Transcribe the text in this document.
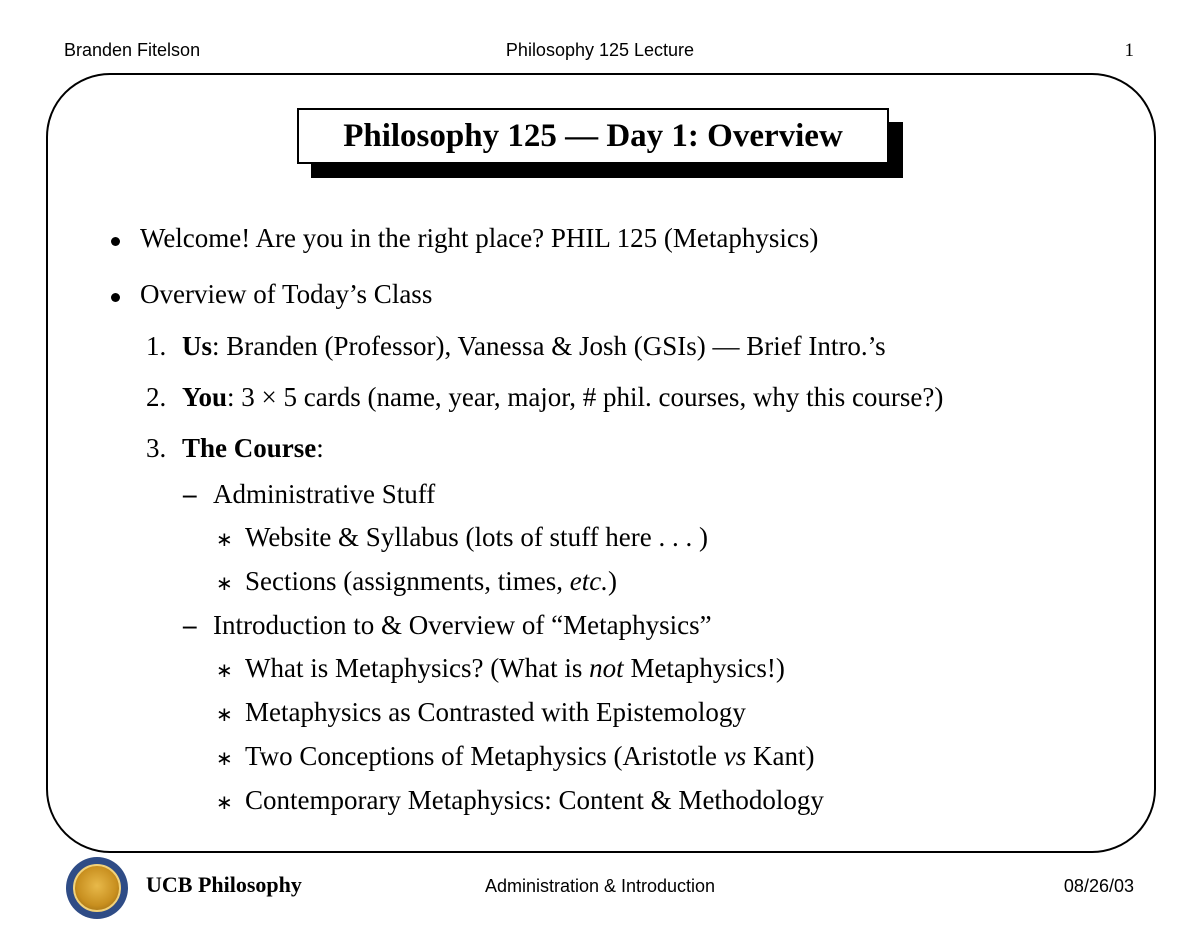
Branden Fitelson	Philosophy 125 Lecture	1
Philosophy 125 — Day 1: Overview
Welcome! Are you in the right place? PHIL 125 (Metaphysics)
Overview of Today’s Class
1. Us: Branden (Professor), Vanessa & Josh (GSIs) — Brief Intro.’s
2. You: 3 × 5 cards (name, year, major, # phil. courses, why this course?)
3. The Course:
– Administrative Stuff
∗ Website & Syllabus (lots of stuff here . . . )
∗ Sections (assignments, times, etc.)
– Introduction to & Overview of “Metaphysics”
∗ What is Metaphysics? (What is not Metaphysics!)
∗ Metaphysics as Contrasted with Epistemology
∗ Two Conceptions of Metaphysics (Aristotle vs Kant)
∗ Contemporary Metaphysics: Content & Methodology
UCB Philosophy	Administration & Introduction	08/26/03
